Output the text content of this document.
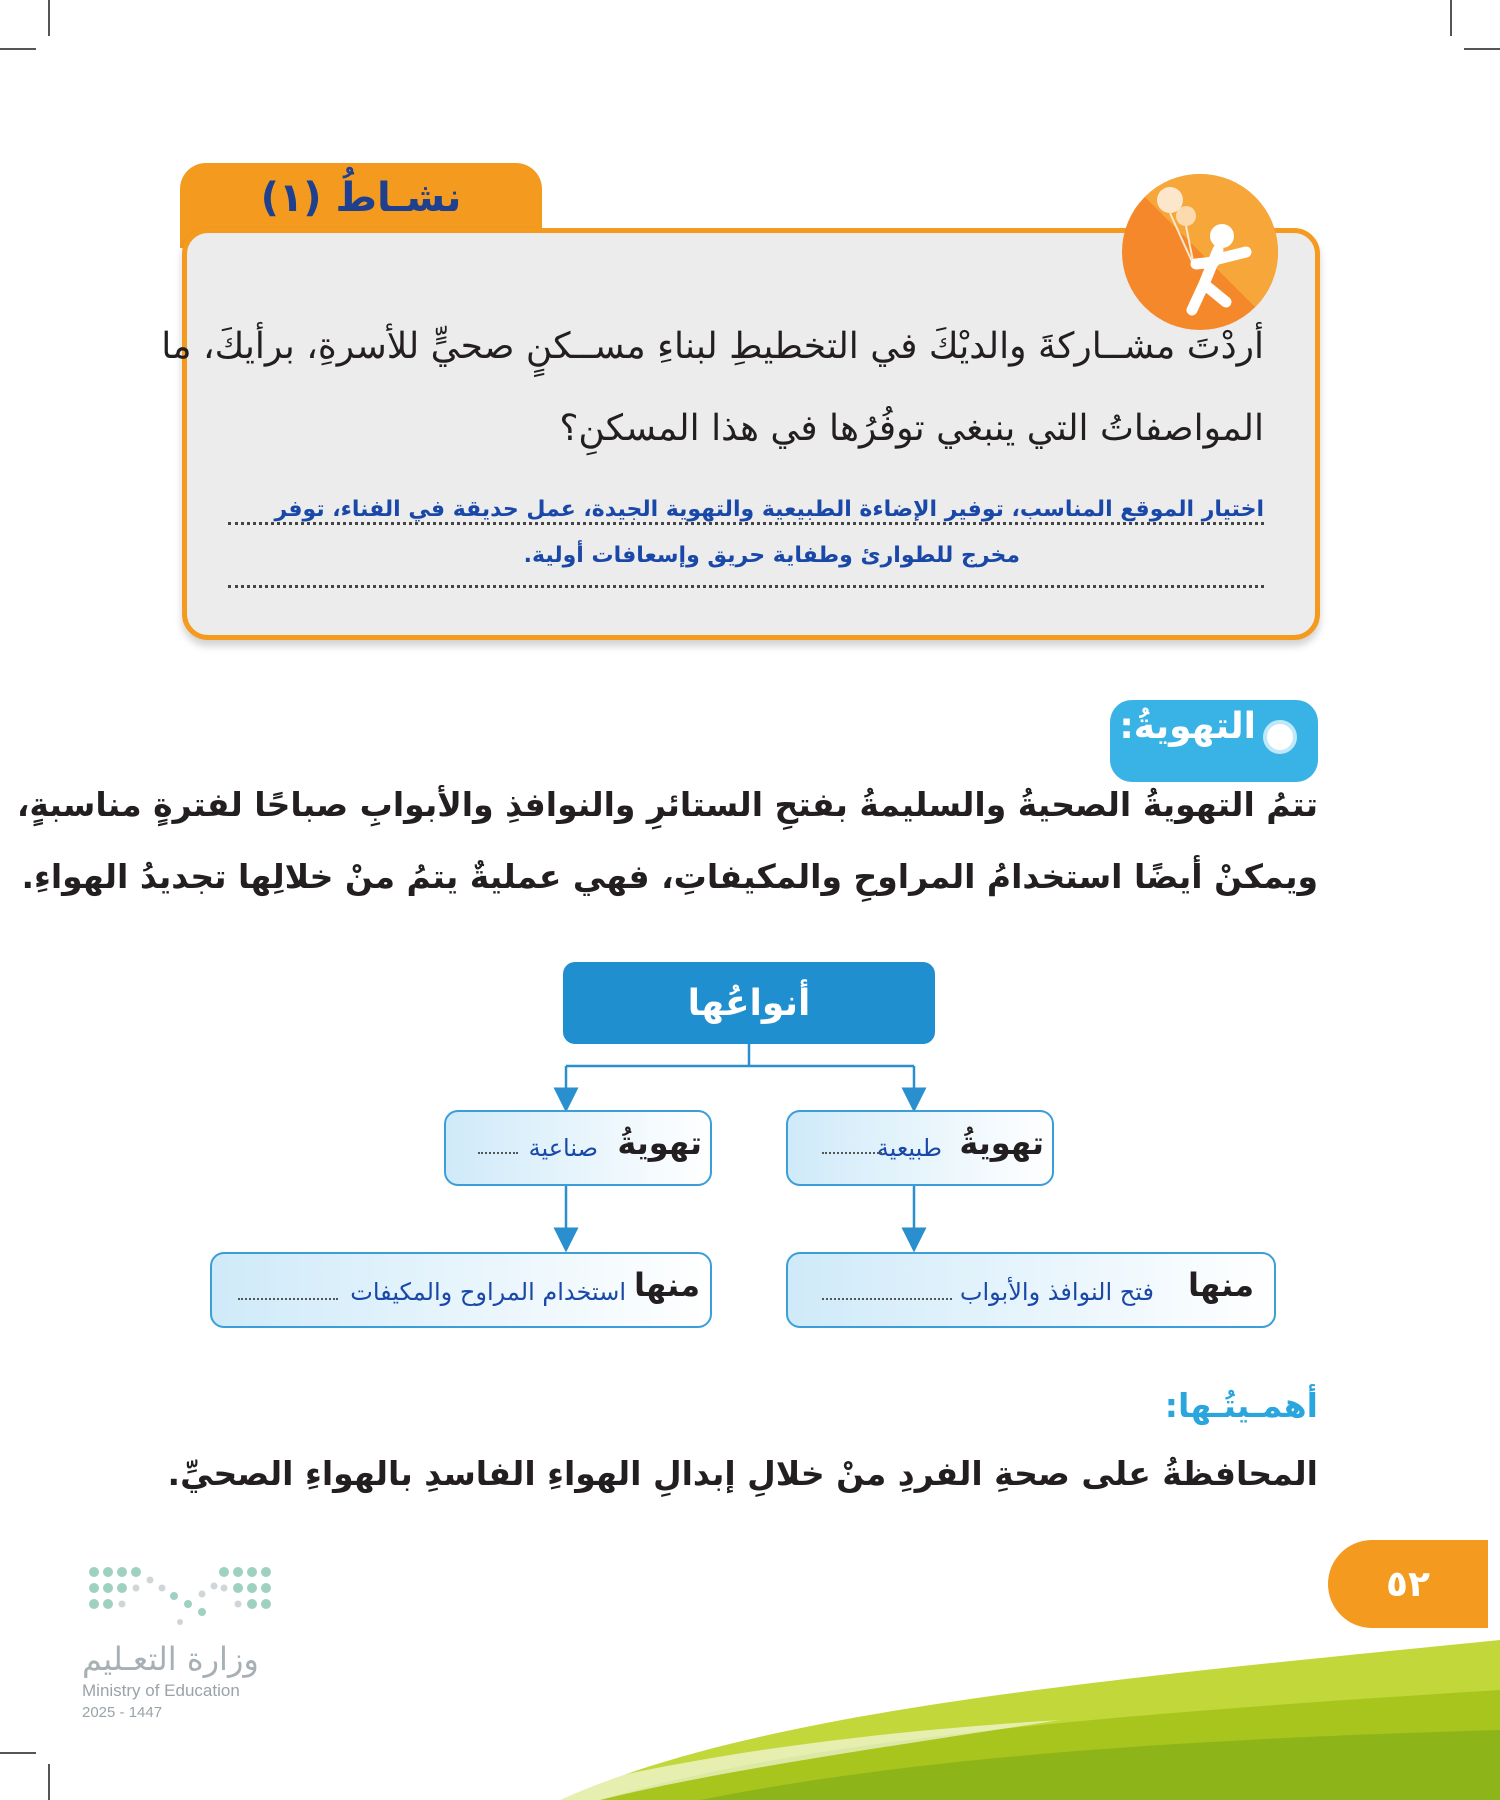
نشـاطُ (١)
أردْتَ مشــاركةَ والديْكَ في التخطيطِ لبناءِ مســكنٍ صحيٍّ للأسرةِ، برأيكَ، ما
المواصفاتُ التي ينبغي توفُرُها في هذا المسكنِ؟
اختيار الموقع المناسب، توفير الإضاءة الطبيعية والتهوية الجيدة، عمل حديقة في الفناء، توفر
مخرج للطوارئ وطفاية حريق وإسعافات أولية.
التهويةُ:
تتمُ التهويةُ الصحيةُ والسليمةُ بفتحِ الستائرِ والنوافذِ والأبوابِ صباحًا لفترةٍ مناسبةٍ،
ويمكنْ أيضًا استخدامُ المراوحِ والمكيفاتِ، فهي عمليةٌ يتمُ منْ خلالِها تجديدُ الهواءِ.
أنواعُها
تهويةُ
طبيعية
تهويةُ
صناعية
منها
فتح النوافذ والأبواب
منها
استخدام المراوح والمكيفات
أهمـيتُـها:
المحافظةُ على صحةِ الفردِ منْ خلالِ إبدالِ الهواءِ الفاسدِ بالهواءِ الصحيِّ.
٥٢
وزارة التعـليم
Ministry of Education
2025 - 1447
